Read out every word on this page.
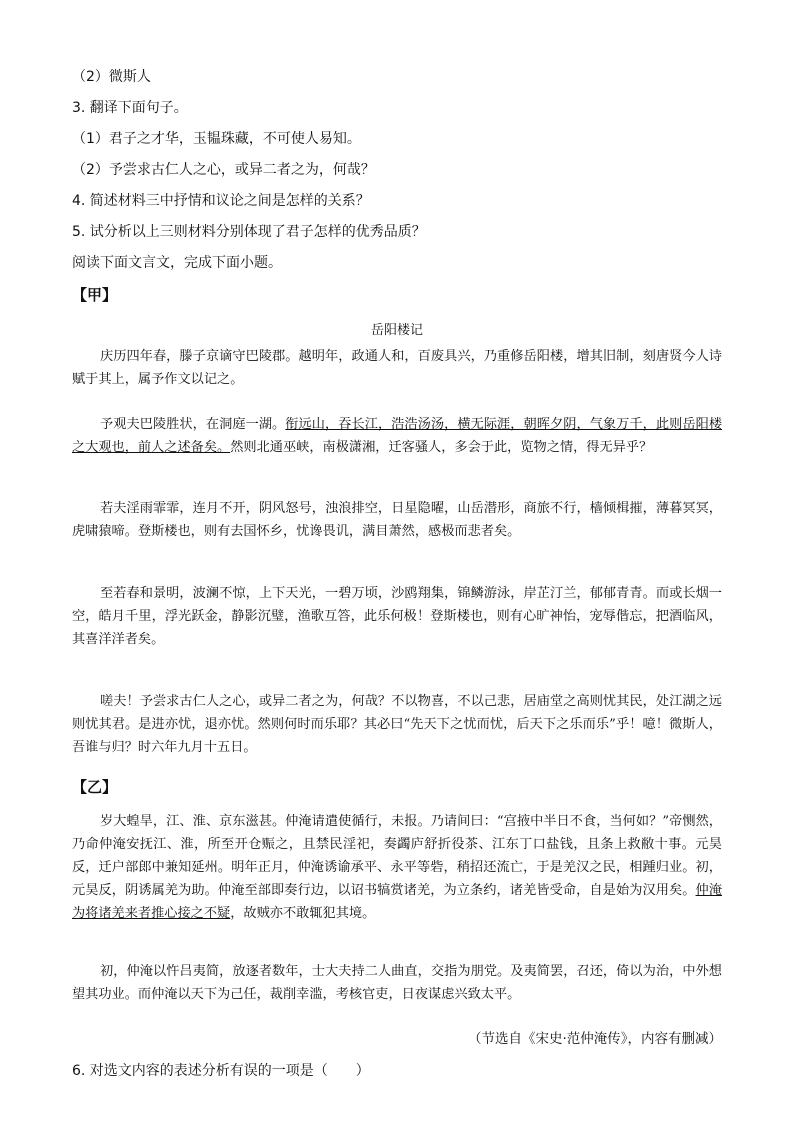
（2）微斯人
3. 翻译下面句子。
（1）君子之才华，玉韫珠藏，不可使人易知。
（2）予尝求古仁人之心，或异二者之为，何哉？
4. 简述材料三中抒情和议论之间是怎样的关系？
5. 试分析以上三则材料分别体现了君子怎样的优秀品质？
阅读下面文言文，完成下面小题。
【甲】
岳阳楼记

庆历四年春，滕子京谪守巴陵郡。越明年，政通人和，百废具兴，乃重修岳阳楼，增其旧制，刻唐贤今人诗赋于其上，属予作文以记之。

予观夫巴陵胜状，在洞庭一湖。衔远山，吞长江，浩浩汤汤，横无际涯，朝晖夕阴，气象万千，此则岳阳楼之大观也，前人之述备矣。然则北通巫峡，南极潇湘，迁客骚人，多会于此，览物之情，得无异乎？

若夫淫雨霏霏，连月不开，阴风怒号，浊浪排空，日星隐曜，山岳潜形，商旅不行，樯倾楫摧，薄暮冥冥，虎啸猿啼。登斯楼也，则有去国怀乡，忧谗畏讥，满目萧然，感极而悲者矣。

至若春和景明，波澜不惊，上下天光，一碧万顷，沙鸥翔集，锦鳞游泳，岸芷汀兰，郁郁青青。而或长烟一空，皓月千里，浮光跃金，静影沉璧，渔歌互答，此乐何极！登斯楼也，则有心旷神怡，宠辱偕忘，把酒临风，其喜洋洋者矣。

嗟夫！予尝求古仁人之心，或异二者之为，何哉？不以物喜，不以己悲，居庙堂之高则忧其民，处江湖之远则忧其君。是进亦忧，退亦忧。然则何时而乐耶？其必曰“先天下之忧而忧，后天下之乐而乐”乎！噫！微斯人，吾谁与归？时六年九月十五日。

【乙】

岁大蝗旱，江、淮、京东滋甚。仲淹请遣使循行，未报。乃请间曰：“宫掖中半日不食，当何如？”帝恻然，乃命仲淹安抚江、淮，所至开仓赈之，且禁民淫祀，奏蠲庐舒折役茶、江东丁口盐钱，且条上救敝十事。元昊反，迁户部郎中兼知延州。明年正月，仲淹诱谕承平、永平等砦，稍招还流亡，于是羌汉之民，相踵归业。初，元昊反，阴诱属羌为助。仲淹至部即奏行边，以诏书犒赏诸羌，为立条约，诸羌皆受命，自是始为汉用矣。仲淹为将诸羌来者推心接之不疑，故贼亦不敢辄犯其境。

初，仲淹以忤吕夷简，放逐者数年，士大夫持二人曲直，交指为朋党。及夷简罢，召还，倚以为治，中外想望其功业。而仲淹以天下为己任，裁削幸滥，考核官吏，日夜谋虑兴致太平。

（节选自《宋史·范仲淹传》，内容有删减）
6. 对选文内容的表述分析有误的一项是（　　）
